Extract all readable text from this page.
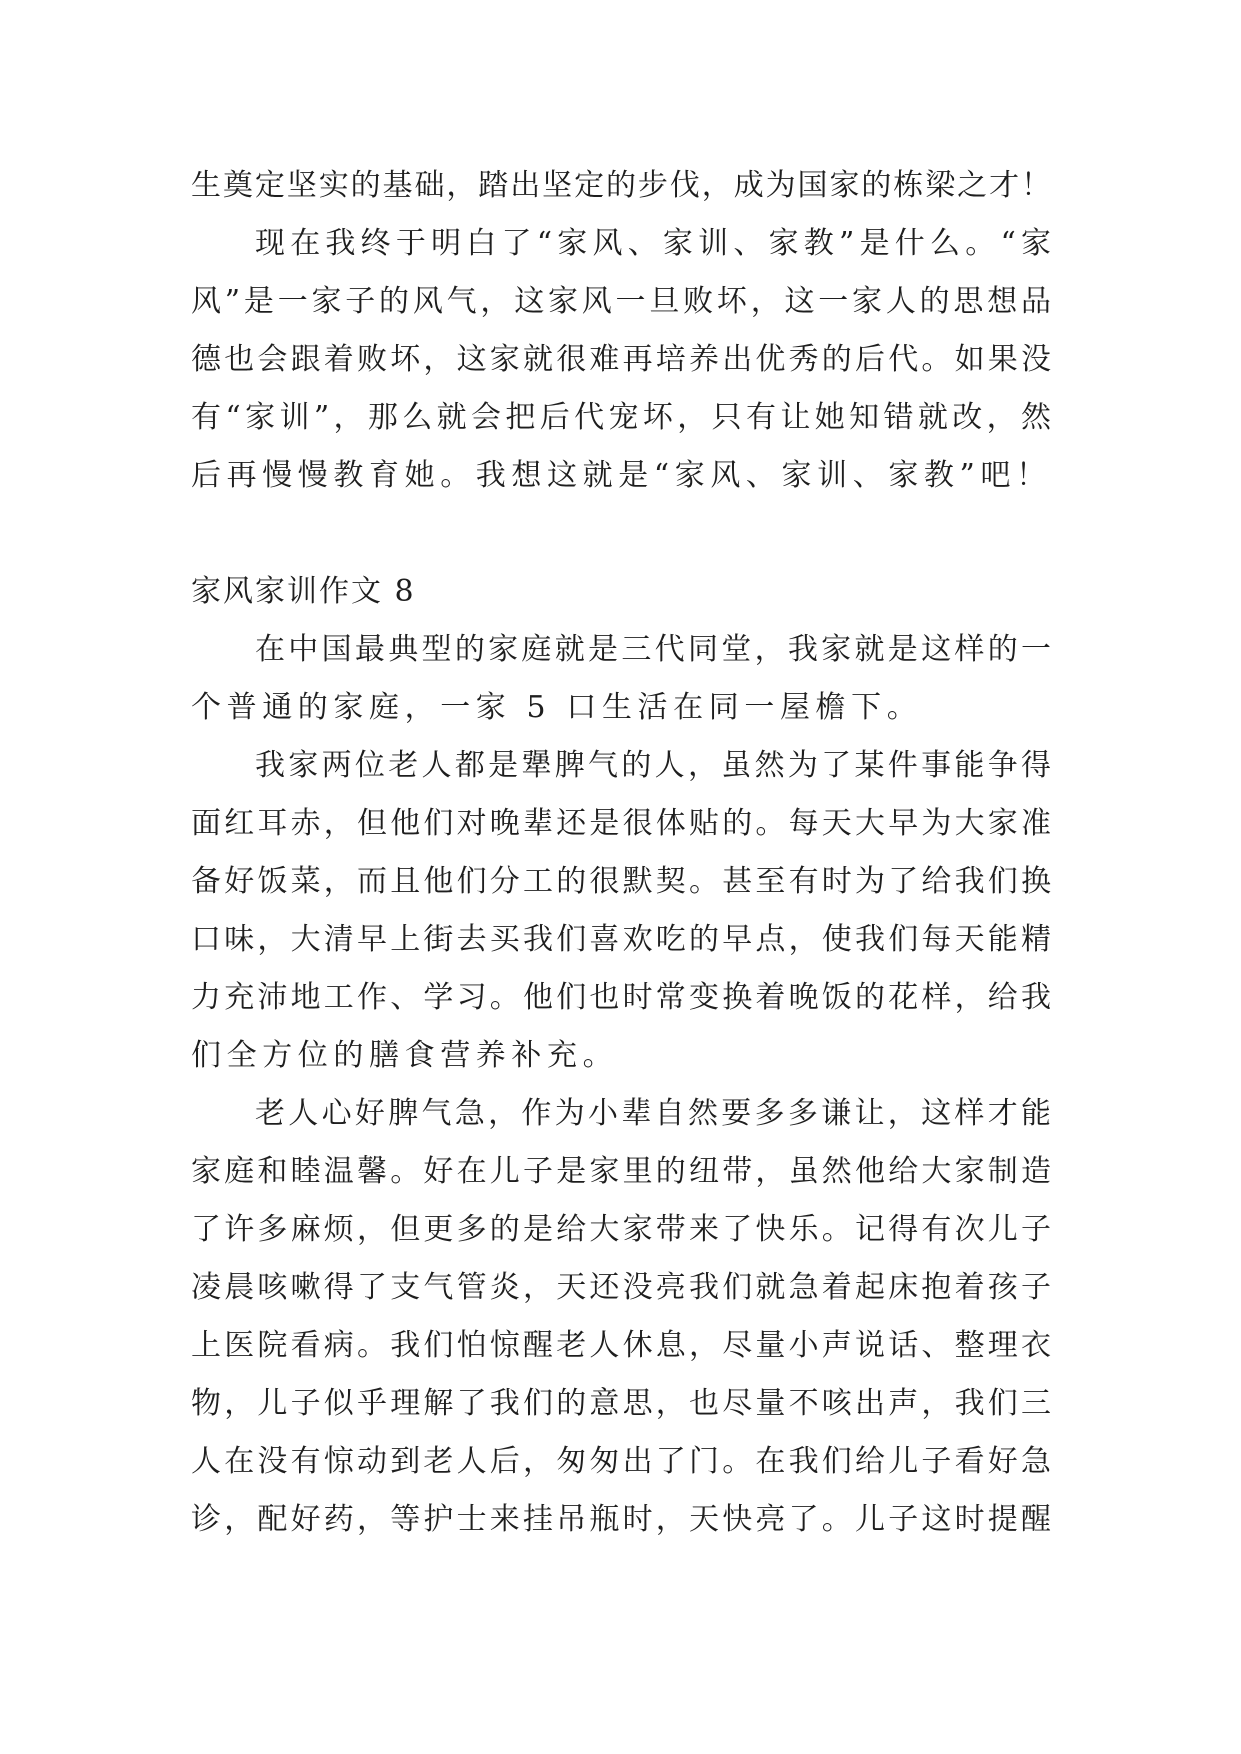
生奠定坚实的基础，踏出坚定的步伐，成为国家的栋梁之才！
现在我终于明白了“家风、家训、家教”是什么。“家
风”是一家子的风气，这家风一旦败坏，这一家人的思想品
德也会跟着败坏，这家就很难再培养出优秀的后代。如果没
有“家训”，那么就会把后代宠坏，只有让她知错就改，然
后再慢慢教育她。我想这就是“家风、家训、家教”吧！
家风家训作文 8
在中国最典型的家庭就是三代同堂，我家就是这样的一
个普通的家庭，一家 5 口生活在同一屋檐下。
我家两位老人都是犟脾气的人，虽然为了某件事能争得
面红耳赤，但他们对晚辈还是很体贴的。每天大早为大家准
备好饭菜，而且他们分工的很默契。甚至有时为了给我们换
口味，大清早上街去买我们喜欢吃的早点，使我们每天能精
力充沛地工作、学习。他们也时常变换着晚饭的花样，给我
们全方位的膳食营养补充。
老人心好脾气急，作为小辈自然要多多谦让，这样才能
家庭和睦温馨。好在儿子是家里的纽带，虽然他给大家制造
了许多麻烦，但更多的是给大家带来了快乐。记得有次儿子
凌晨咳嗽得了支气管炎，天还没亮我们就急着起床抱着孩子
上医院看病。我们怕惊醒老人休息，尽量小声说话、整理衣
物，儿子似乎理解了我们的意思，也尽量不咳出声，我们三
人在没有惊动到老人后，匆匆出了门。在我们给儿子看好急
诊，配好药，等护士来挂吊瓶时，天快亮了。儿子这时提醒
